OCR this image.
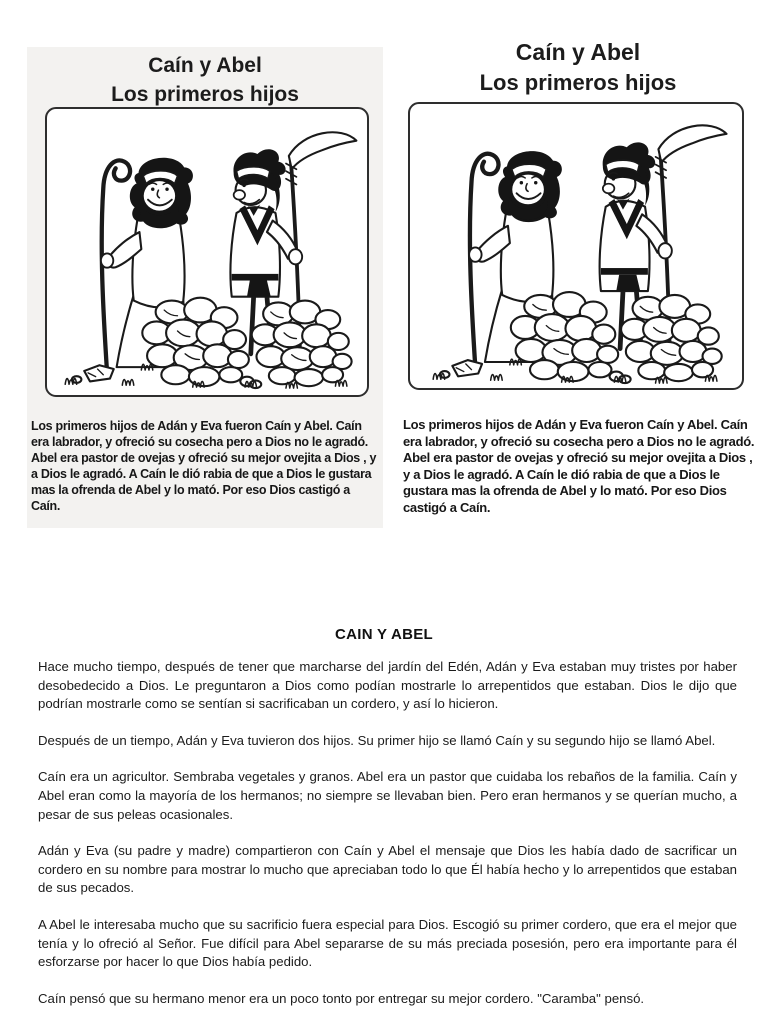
Caín y Abel
Los primeros hijos

Los primeros hijos de Adán y Eva fueron Caín y Abel. Caín era labrador, y ofreció su cosecha pero a Dios no le agradó. Abel era pastor de ovejas y ofreció su mejor ovejita a Dios , y a Dios le agradó. A Caín le dió rabia de que a Dios le gustara mas la ofrenda de Abel y lo mató. Por eso Dios castigó a Caín.

Caín y Abel
Los primeros hijos

Los primeros hijos de Adán y Eva fueron Caín y Abel. Caín era labrador, y ofreció su cosecha pero a Dios no le agradó. Abel era pastor de ovejas y ofreció su mejor ovejita a Dios , y a Dios le agradó. A Caín le dió rabia de que a Dios le gustara mas la ofrenda de Abel y lo mató. Por eso Dios castigó a Caín.

CAIN Y ABEL

Hace mucho tiempo, después de tener que marcharse del jardín del Edén, Adán y Eva estaban muy tristes por haber desobedecido a Dios. Le preguntaron a Dios como podían mostrarle lo arrepentidos que estaban. Dios le dijo que podrían mostrarle como se sentían si sacrificaban un cordero, y así lo hicieron.

Después de un tiempo, Adán y Eva tuvieron dos hijos. Su primer hijo se llamó Caín y su segundo hijo se llamó Abel.

Caín era un agricultor. Sembraba vegetales y granos. Abel era un pastor que cuidaba los rebaños de la familia. Caín y Abel eran como la mayoría de los hermanos; no siempre se llevaban bien. Pero eran hermanos y se querían mucho, a pesar de sus peleas ocasionales.

Adán y Eva (su padre y madre) compartieron con Caín y Abel el mensaje que Dios les había dado de sacrificar un cordero en su nombre para mostrar lo mucho que apreciaban todo lo que Él había hecho y lo arrepentidos que estaban de sus pecados.

A Abel le interesaba mucho que su sacrificio fuera especial para Dios. Escogió su primer cordero, que era el mejor que tenía y lo ofreció al Señor. Fue difícil para Abel separarse de su más preciada posesión, pero era importante para él esforzarse por hacer lo que Dios había pedido.

Caín pensó que su hermano menor era un poco tonto por entregar su mejor cordero. "Caramba" pensó.
